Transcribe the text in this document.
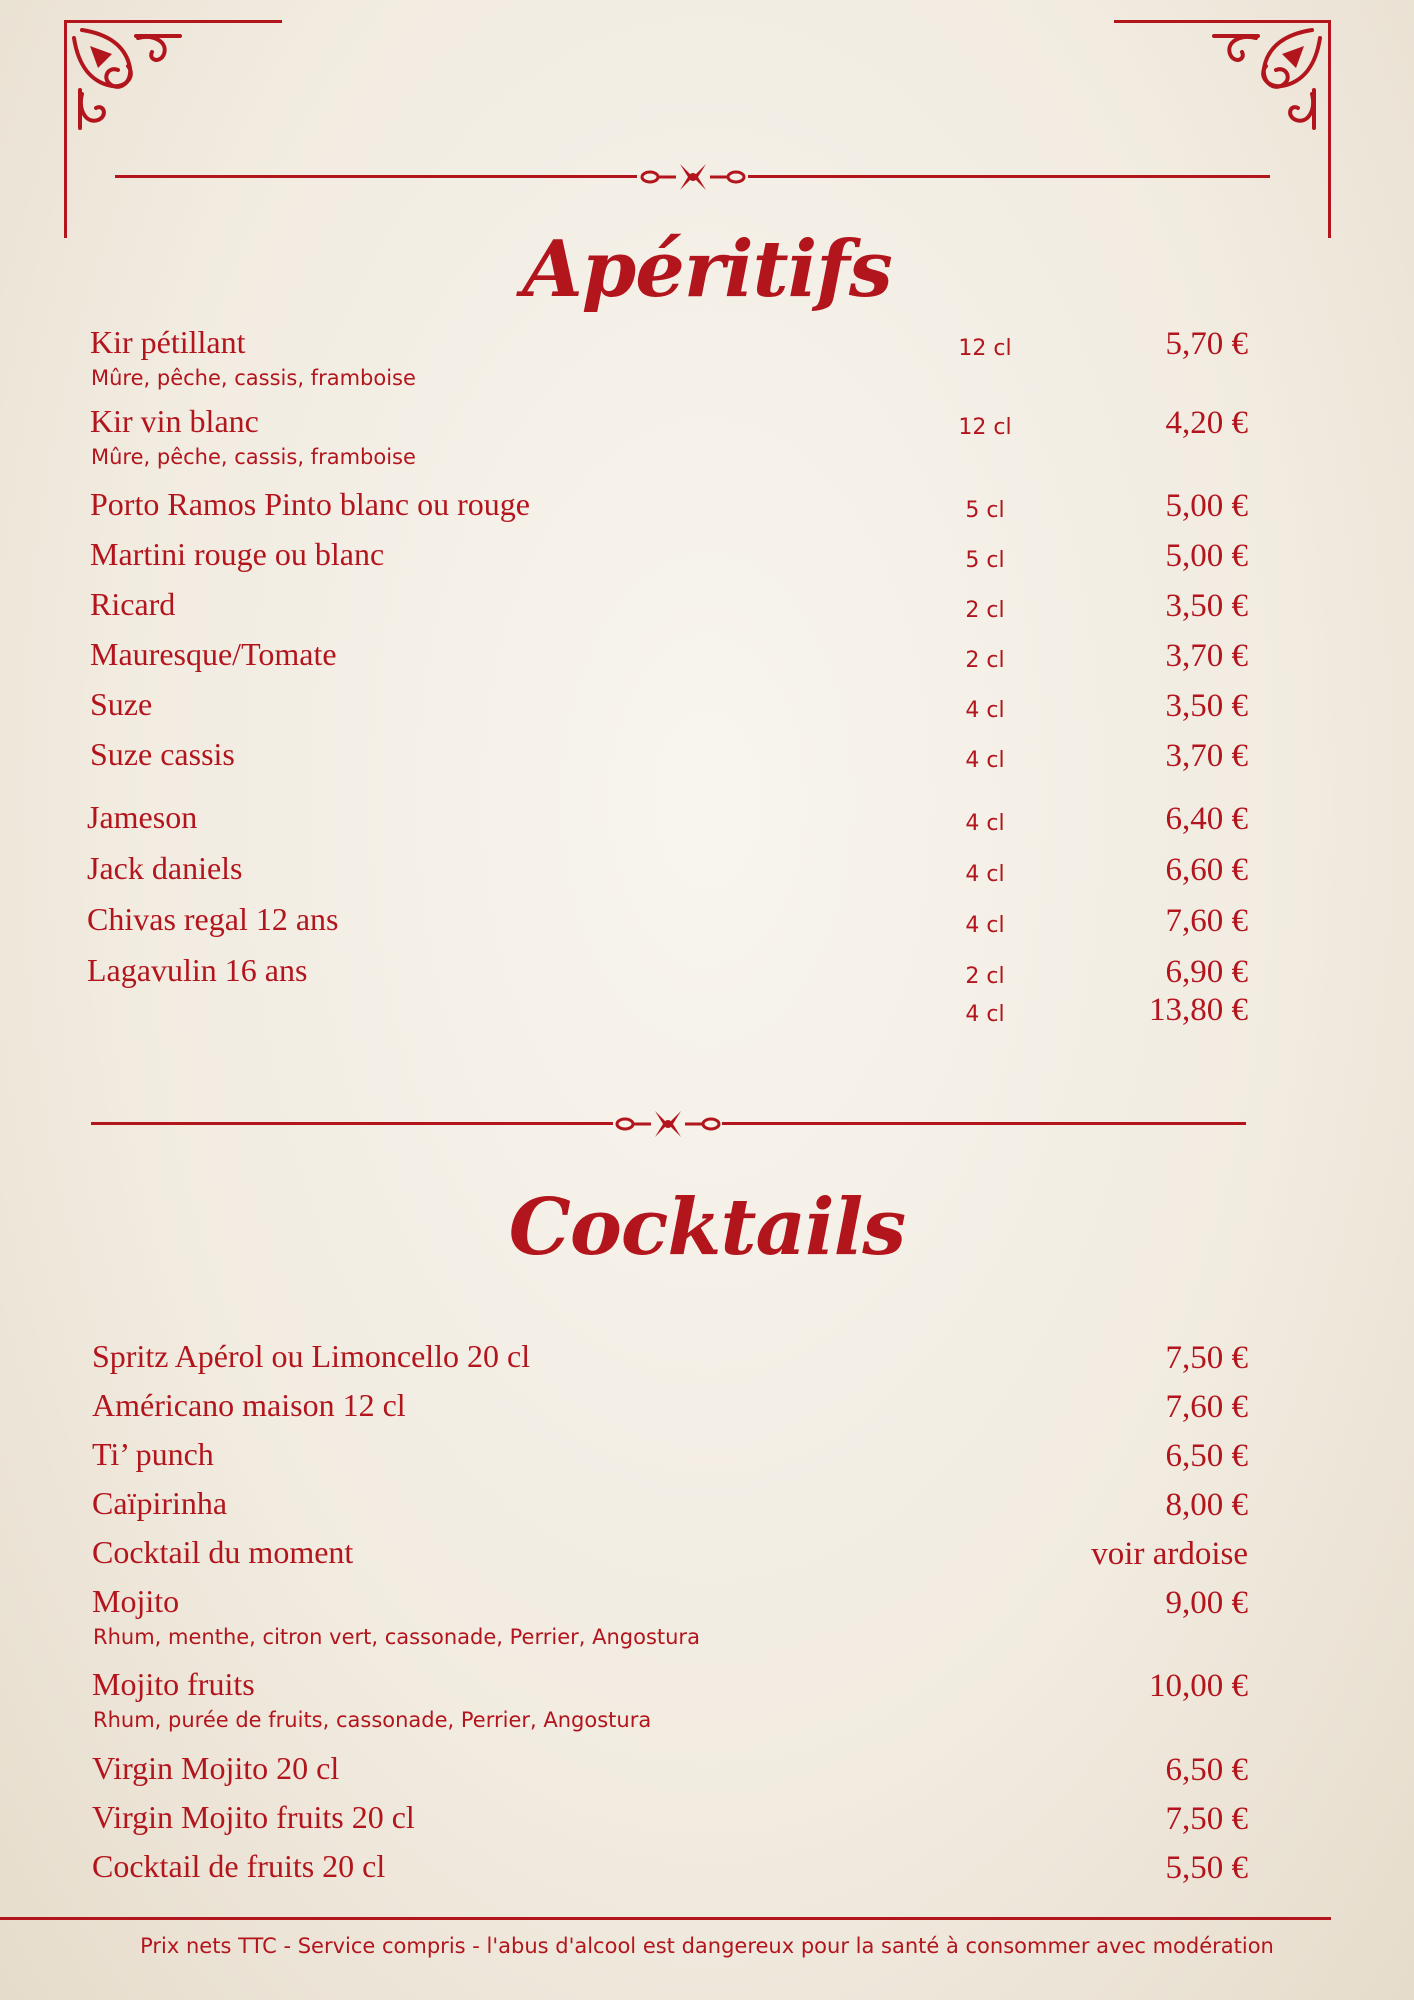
Apéritifs
Kir pétillant
Mûre, pêche, cassis, framboise
12 cl	5,70 €
Kir vin blanc
Mûre, pêche, cassis, framboise
12 cl	4,20 €
Porto Ramos Pinto blanc ou rouge	5 cl	5,00 €
Martini rouge ou blanc	5 cl	5,00 €
Ricard	2 cl	3,50 €
Mauresque/Tomate	2 cl	3,70 €
Suze	4 cl	3,50 €
Suze cassis	4 cl	3,70 €
Jameson	4 cl	6,40 €
Jack daniels	4 cl	6,60 €
Chivas regal 12 ans	4 cl	7,60 €
Lagavulin 16 ans	2 cl	6,90 €
4 cl	13,80 €
Cocktails
Spritz Apérol ou Limoncello 20 cl	7,50 €
Américano maison 12 cl	7,60 €
Ti’ punch	6,50 €
Caïpirinha	8,00 €
Cocktail du moment	voir ardoise
Mojito
Rhum, menthe, citron vert, cassonade, Perrier, Angostura
9,00 €
Mojito fruits
Rhum, purée de fruits, cassonade, Perrier, Angostura
10,00 €
Virgin Mojito 20 cl	6,50 €
Virgin Mojito fruits 20 cl	7,50 €
Cocktail de fruits 20 cl	5,50 €
Prix nets TTC - Service compris - l'abus d'alcool est dangereux pour la santé à consommer avec modération
